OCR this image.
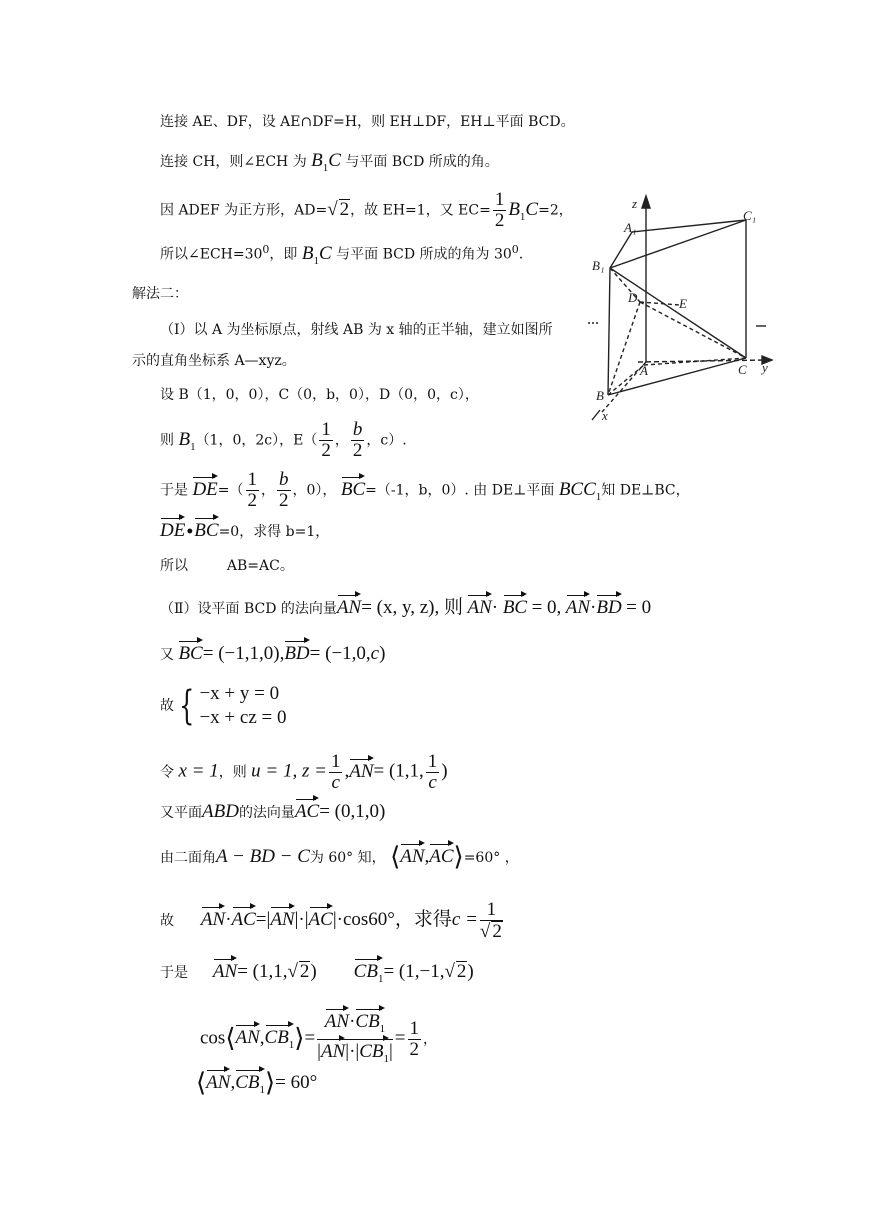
连接 AE、DF，设 AE∩DF=H，则 EH⊥DF，EH⊥平面 BCD。
连接 CH，则∠ECH 为 $B_1C$ 与平面 BCD 所成的角。
因 ADEF 为正方形，AD=√ 2，故 EH=1，又 $EC= \frac{1}{2} B_1C=2$，
所以$\angle ECH=30^0$，即 $B_1C$ 与平面 BCD 所成的角为 $30^0$.
解法二：
（Ⅰ）以 A 为坐标原点，射线 AB 为 x 轴的正半轴，建立如图所
示的直角坐标系 A—xyz。
设 B（1，0，0），C（0，b，0），D（0，0，c），
则 $B_1(1$，0，2c），$E( \frac{1}{2}$ ， $\frac{b}{2}$ ，c）.
于是 $DE=( \frac{1}{2}$ ， $\frac{b}{2}$ ，0）， BC=（-1，b，0）. 由 DE⊥平面 $BCC_1$知 DE⊥BC，
DE•BC=0，求得 b=1，
所以	AB=AC。
（Ⅱ）设平面 BCD 的法向量AN= (x, y, z), 则 AN· BC = 0, AN·BD = 0
又 BC= (−1,1,0),BD= (−1,0,c)
故 { −x + y = 0
−x + cz = 0
令 x = 1，则 u = 1, $z = \frac{1}{c} ,AN= (1,1$, $\frac{1}{c}$ )
又平面ABD的法向量AC= (0,1,0)
由二面角A − BD − C为 60° 知， ⟨AN,AC⟩=60° ，
故 AN·AC=|AN|·|AC|·cos60°，求得$c = \frac{1}{√ 2}$
于是 AN= (1,1,√ 2) $CB_1= (1,-1,√$ 2)
$\cos⟨AN,CB_1⟩= \frac{AN\cdot CB_1}{|AN|\cdot|CB_1|} = \frac{1}{2}$ ，
$⟨AN,CB_1⟩= 60^\circ$
z
A₁
C₁
B₁
D	E
A	C y
B
x
